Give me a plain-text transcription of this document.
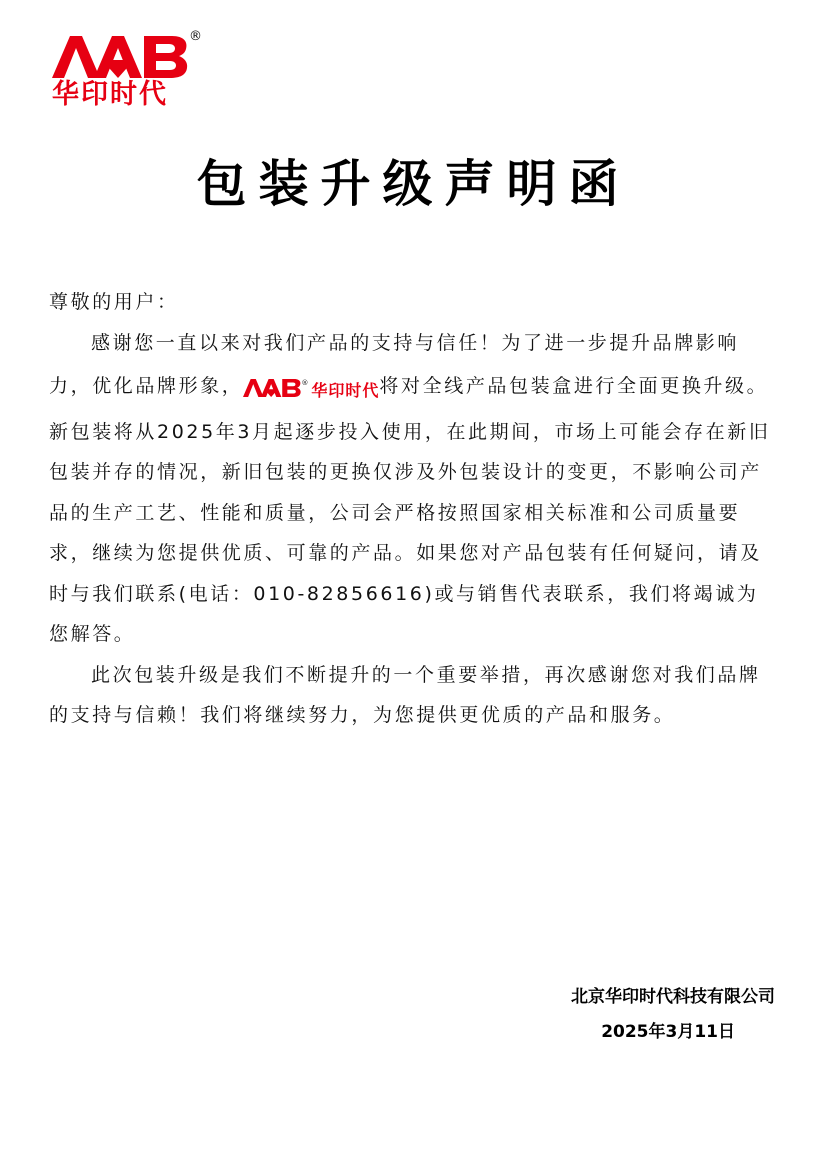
®
华印时代
包装升级声明函

尊敬的用户：

感谢您一直以来对我们产品的支持与信任！为了进一步提升品牌影响力，优化品牌形象，	® 华印时代将对全线产品包装盒进行全面更换升级。新包装将从2025年3月起逐步投入使用，在此期间，市场上可能会存在新旧包装并存的情况，新旧包装的更换仅涉及外包装设计的变更，不影响公司产品的生产工艺、性能和质量，公司会严格按照国家相关标准和公司质量要求，继续为您提供优质、可靠的产品。如果您对产品包装有任何疑问，请及时与我们联系(电话：010-82856616)或与销售代表联系，我们将竭诚为您解答。

此次包装升级是我们不断提升的一个重要举措，再次感谢您对我们品牌的支持与信赖！我们将继续努力，为您提供更优质的产品和服务。

北京华印时代科技有限公司
2025年3月11日
